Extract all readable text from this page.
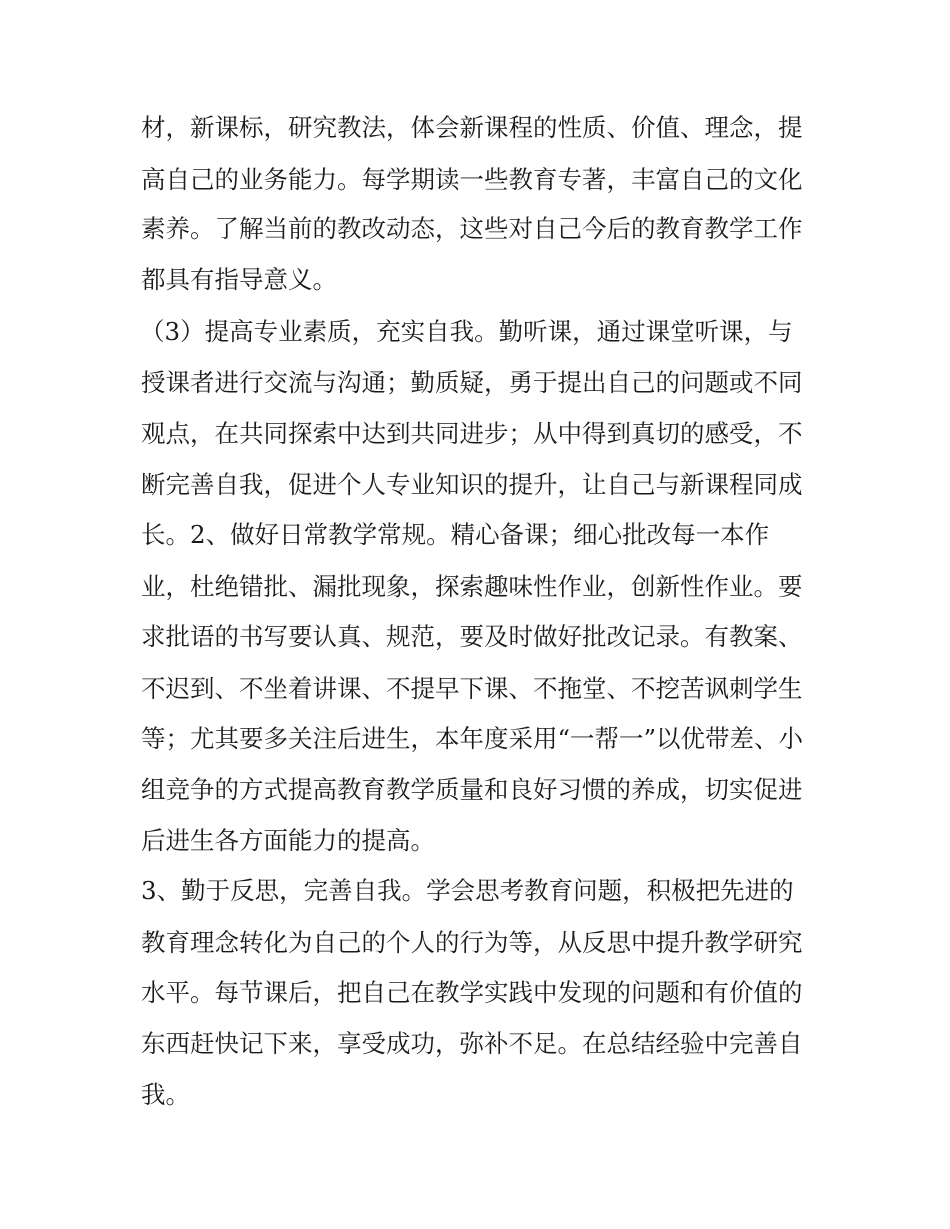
材，新课标，研究教法，体会新课程的性质、价值、理念，提
高自己的业务能力。每学期读一些教育专著，丰富自己的文化
素养。了解当前的教改动态，这些对自己今后的教育教学工作
都具有指导意义。
（3）提高专业素质，充实自我。勤听课，通过课堂听课，与
授课者进行交流与沟通；勤质疑，勇于提出自己的问题或不同
观点，在共同探索中达到共同进步；从中得到真切的感受，不
断完善自我，促进个人专业知识的提升，让自己与新课程同成
长。2、做好日常教学常规。精心备课；细心批改每一本作
业，杜绝错批、漏批现象，探索趣味性作业，创新性作业。要
求批语的书写要认真、规范，要及时做好批改记录。有教案、
不迟到、不坐着讲课、不提早下课、不拖堂、不挖苦讽刺学生
等；尤其要多关注后进生，本年度采用“一帮一”以优带差、小
组竞争的方式提高教育教学质量和良好习惯的养成，切实促进
后进生各方面能力的提高。
3、勤于反思，完善自我。学会思考教育问题，积极把先进的
教育理念转化为自己的个人的行为等，从反思中提升教学研究
水平。每节课后，把自己在教学实践中发现的问题和有价值的
东西赶快记下来，享受成功，弥补不足。在总结经验中完善自
我。
